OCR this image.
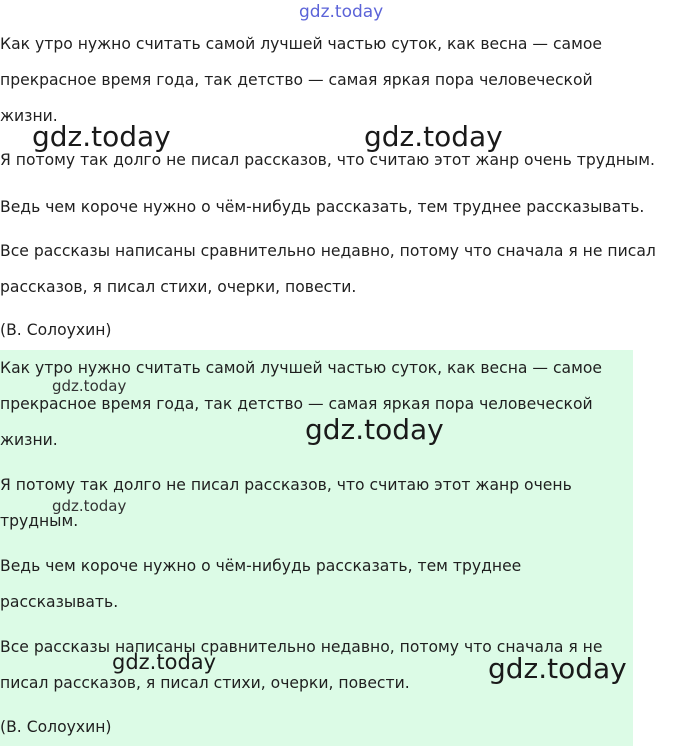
gdz.today
Как утро нужно считать самой лучшей частью суток, как весна — самое
прекрасное время года, так детство — самая яркая пора человеческой
жизни.
Я потому так долго не писал рассказов, что считаю этот жанр очень трудным.
Ведь чем короче нужно о чём-нибудь рассказать, тем труднее рассказывать.
Все рассказы написаны сравнительно недавно, потому что сначала я не писал
рассказов, я писал стихи, очерки, повести.
(В. Солоухин)
Как утро нужно считать самой лучшей частью суток, как весна — самое
прекрасное время года, так детство — самая яркая пора человеческой
жизни.
Я потому так долго не писал рассказов, что считаю этот жанр очень
трудным.
Ведь чем короче нужно о чём-нибудь рассказать, тем труднее
рассказывать.
Все рассказы написаны сравнительно недавно, потому что сначала я не
писал рассказов, я писал стихи, очерки, повести.
(В. Солоухин)
gdz.today	gdz.today
gdz.today
gdz.today
gdz.today
gdz.today	gdz.today
